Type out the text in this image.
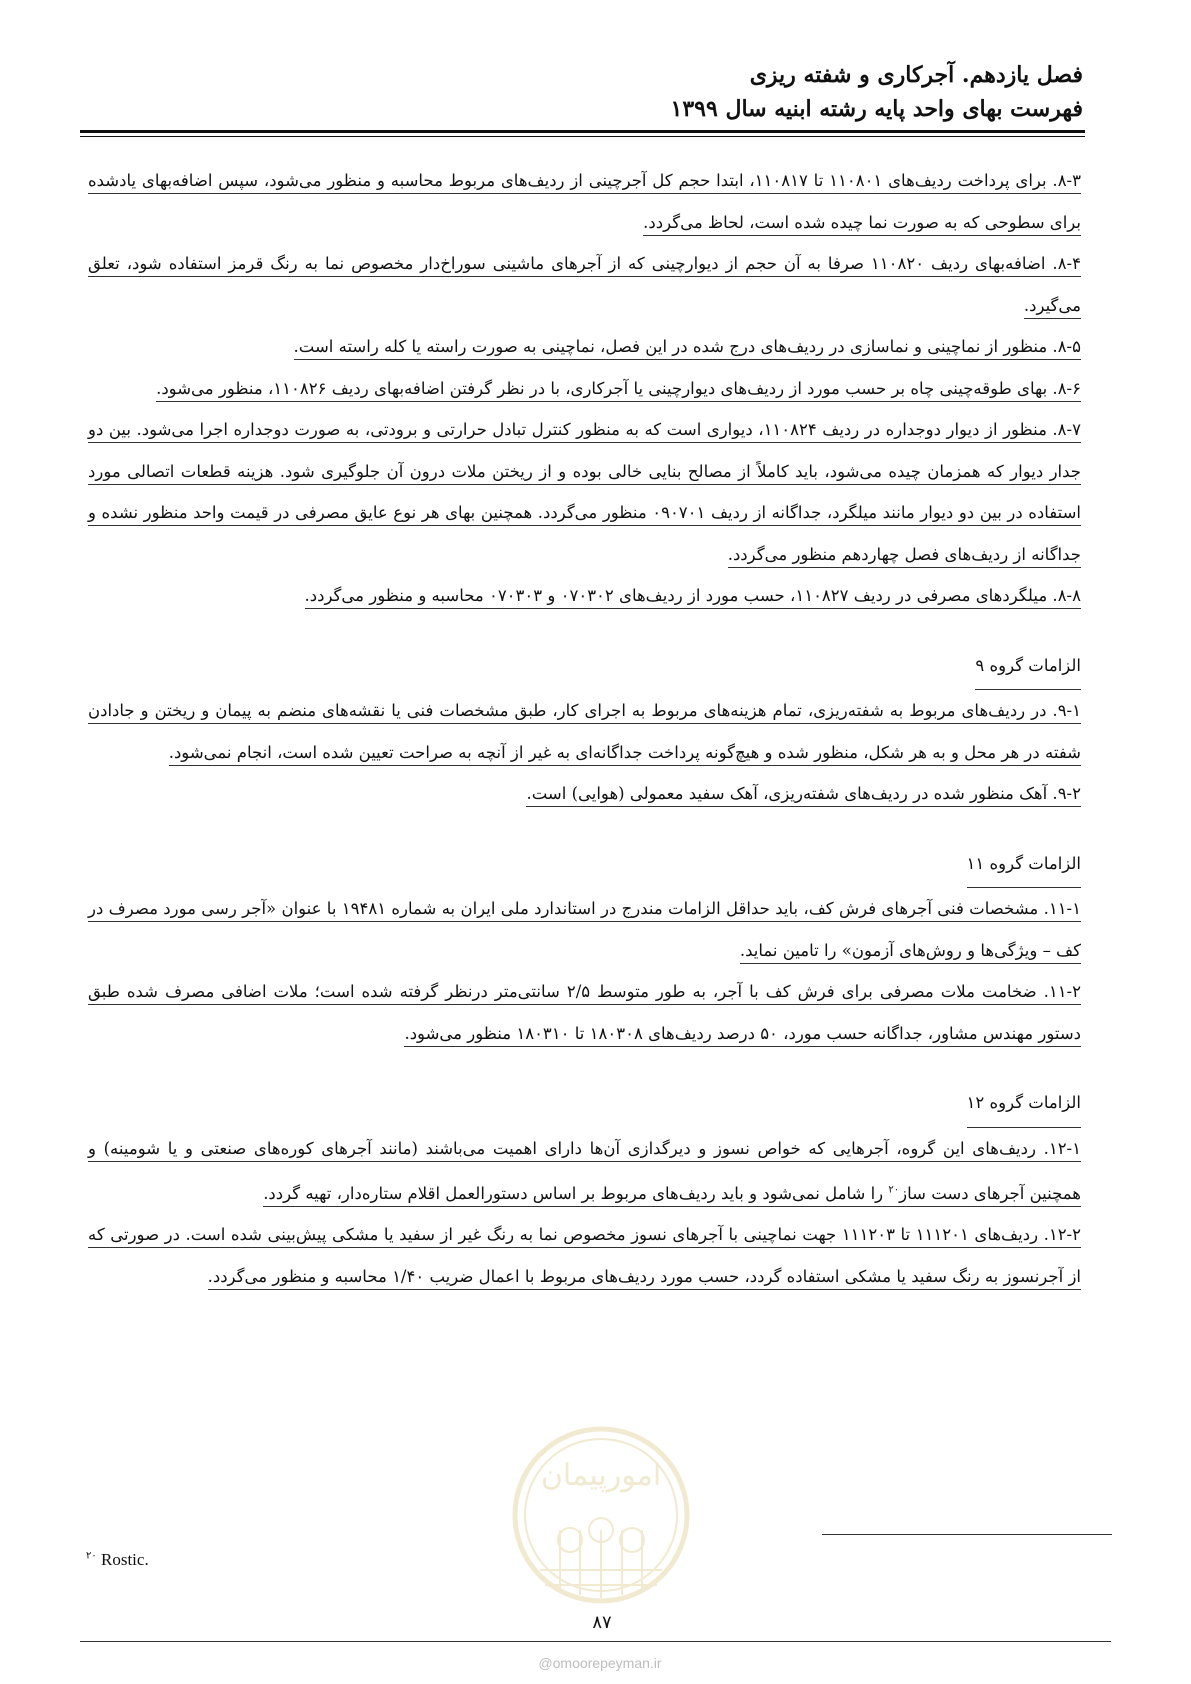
فصل یازدهم. آجرکاری و شفته ریزی
فهرست بهای واحد پایه رشته ابنیه سال ۱۳۹۹

۸-۳. برای پرداخت ردیف‌های ۱۱۰۸۰۱ تا ۱۱۰۸۱۷، ابتدا حجم کل آجرچینی از ردیف‌های مربوط محاسبه و منظور می‌شود، سپس اضافه‌بهای یادشده برای سطوحی که به صورت نما چیده شده است، لحاظ می‌گردد.

۸-۴. اضافه‌بهای ردیف ۱۱۰۸۲۰ صرفا به آن حجم از دیوارچینی که از آجرهای ماشینی سوراخ‌دار مخصوص نما به رنگ قرمز استفاده شود، تعلق می‌گیرد.

۸-۵. منظور از نماچینی و نماسازی در ردیف‌های درج شده در این فصل، نماچینی به صورت راسته یا کله راسته است.

۸-۶. بهای طوقه‌چینی چاه بر حسب مورد از ردیف‌های دیوارچینی یا آجرکاری، با در نظر گرفتن اضافه‌بهای ردیف ۱۱۰۸۲۶، منظور می‌شود.

۸-۷. منظور از دیوار دوجداره در ردیف ۱۱۰۸۲۴، دیواری است که به منظور کنترل تبادل حرارتی و برودتی، به صورت دوجداره اجرا می‌شود. بین دو جدار دیوار که همزمان چیده می‌شود، باید کاملاً از مصالح بنایی خالی بوده و از ریختن ملات درون آن جلوگیری شود. هزینه قطعات اتصالی مورد استفاده در بین دو دیوار مانند میلگرد، جداگانه از ردیف ۰۹۰۷۰۱ منظور می‌گردد. همچنین بهای هر نوع عایق مصرفی در قیمت واحد منظور نشده و جداگانه از ردیف‌های فصل چهاردهم منظور می‌گردد.

۸-۸. میلگردهای مصرفی در ردیف ۱۱۰۸۲۷، حسب مورد از ردیف‌های ۰۷۰۳۰۲ و ۰۷۰۳۰۳ محاسبه و منظور می‌گردد.

الزامات گروه ۹

۹-۱. در ردیف‌های مربوط به شفته‌ریزی، تمام هزینه‌های مربوط به اجرای کار، طبق مشخصات فنی یا نقشه‌های منضم به پیمان و ریختن و جادادن شفته در هر محل و به هر شکل، منظور شده و هیچ‌گونه پرداخت جداگانه‌ای به غیر از آنچه به صراحت تعیین شده است، انجام نمی‌شود.

۹-۲. آهک منظور شده در ردیف‌های شفته‌ریزی، آهک سفید معمولی (هوایی) است.

الزامات گروه ۱۱

۱۱-۱. مشخصات فنی آجرهای فرش کف، باید حداقل الزامات مندرج در استاندارد ملی ایران به شماره ۱۹۴۸۱ با عنوان «آجر رسی مورد مصرف در کف – ویژگی‌ها و روش‌های آزمون» را تامین نماید.

۱۱-۲. ضخامت ملات مصرفی برای فرش کف با آجر، به طور متوسط ۲/۵ سانتی‌متر درنظر گرفته شده است؛ ملات اضافی مصرف شده طبق دستور مهندس مشاور، جداگانه حسب مورد، ۵۰ درصد ردیف‌های ۱۸۰۳۰۸ تا ۱۸۰۳۱۰ منظور می‌شود.

الزامات گروه ۱۲

۱۲-۱. ردیف‌های این گروه، آجرهایی که خواص نسوز و دیرگدازی آن‌ها دارای اهمیت می‌باشند (مانند آجرهای کوره‌های صنعتی و یا شومینه) و همچنین آجرهای دست ساز$^{۲۰}$ را شامل نمی‌شود و باید ردیف‌های مربوط بر اساس دستورالعمل اقلام ستاره‌دار، تهیه گردد.

۱۲-۲. ردیف‌های ۱۱۱۲۰۱ تا ۱۱۱۲۰۳ جهت نماچینی با آجرهای نسوز مخصوص نما به رنگ غیر از سفید یا مشکی پیش‌بینی شده است. در صورتی که از آجرنسوز به رنگ سفید یا مشکی استفاده گردد، حسب مورد ردیف‌های مربوط با اعمال ضریب ۱/۴۰ محاسبه و منظور می‌گردد.

امورپیمان
$^{۲۰}$ Rostic.
۸۷
@omoorepeyman.ir
